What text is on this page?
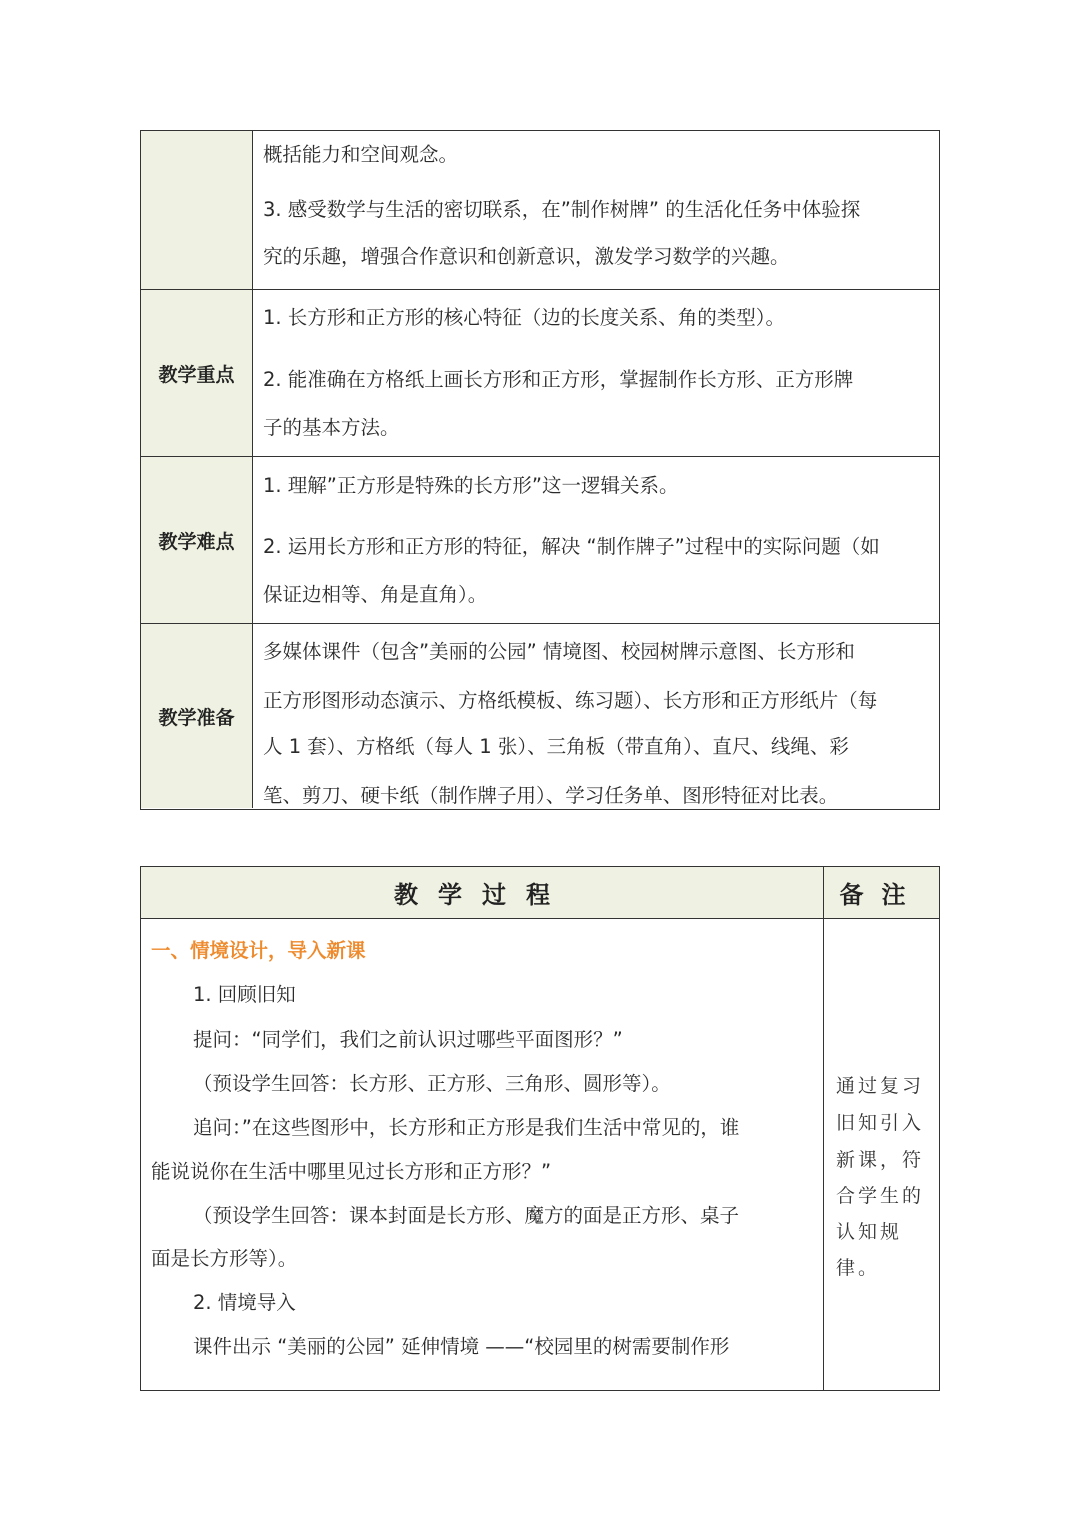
概括能力和空间观念。
3. 感受数学与生活的密切联系，在”制作树牌” 的生活化任务中体验探
究的乐趣，增强合作意识和创新意识，激发学习数学的兴趣。
教学重点
1. 长方形和正方形的核心特征（边的长度关系、角的类型）。
2. 能准确在方格纸上画长方形和正方形，掌握制作长方形、正方形牌
子的基本方法。
教学难点
1. 理解”正方形是特殊的长方形”这一逻辑关系。
2. 运用长方形和正方形的特征，解决 “制作牌子”过程中的实际问题（如
保证边相等、角是直角）。
教学准备
多媒体课件（包含”美丽的公园” 情境图、校园树牌示意图、长方形和
正方形图形动态演示、方格纸模板、练习题）、长方形和正方形纸片（每
人 1 套）、方格纸（每人 1 张）、三角板（带直角）、直尺、线绳、彩
笔、剪刀、硬卡纸（制作牌子用）、学习任务单、图形特征对比表。
教学过程	备注
一、情境设计，导入新课
1. 回顾旧知
提问：“同学们，我们之前认识过哪些平面图形？”
（预设学生回答：长方形、正方形、三角形、圆形等）。
追问：”在这些图形中，长方形和正方形是我们生活中常见的，谁
能说说你在生活中哪里见过长方形和正方形？”
（预设学生回答：课本封面是长方形、魔方的面是正方形、桌子
面是长方形等）。
2. 情境导入
课件出示 “美丽的公园” 延伸情境 ——“校园里的树需要制作形
通过复习
旧知引入
新课，符
合学生的
认知规
律。
